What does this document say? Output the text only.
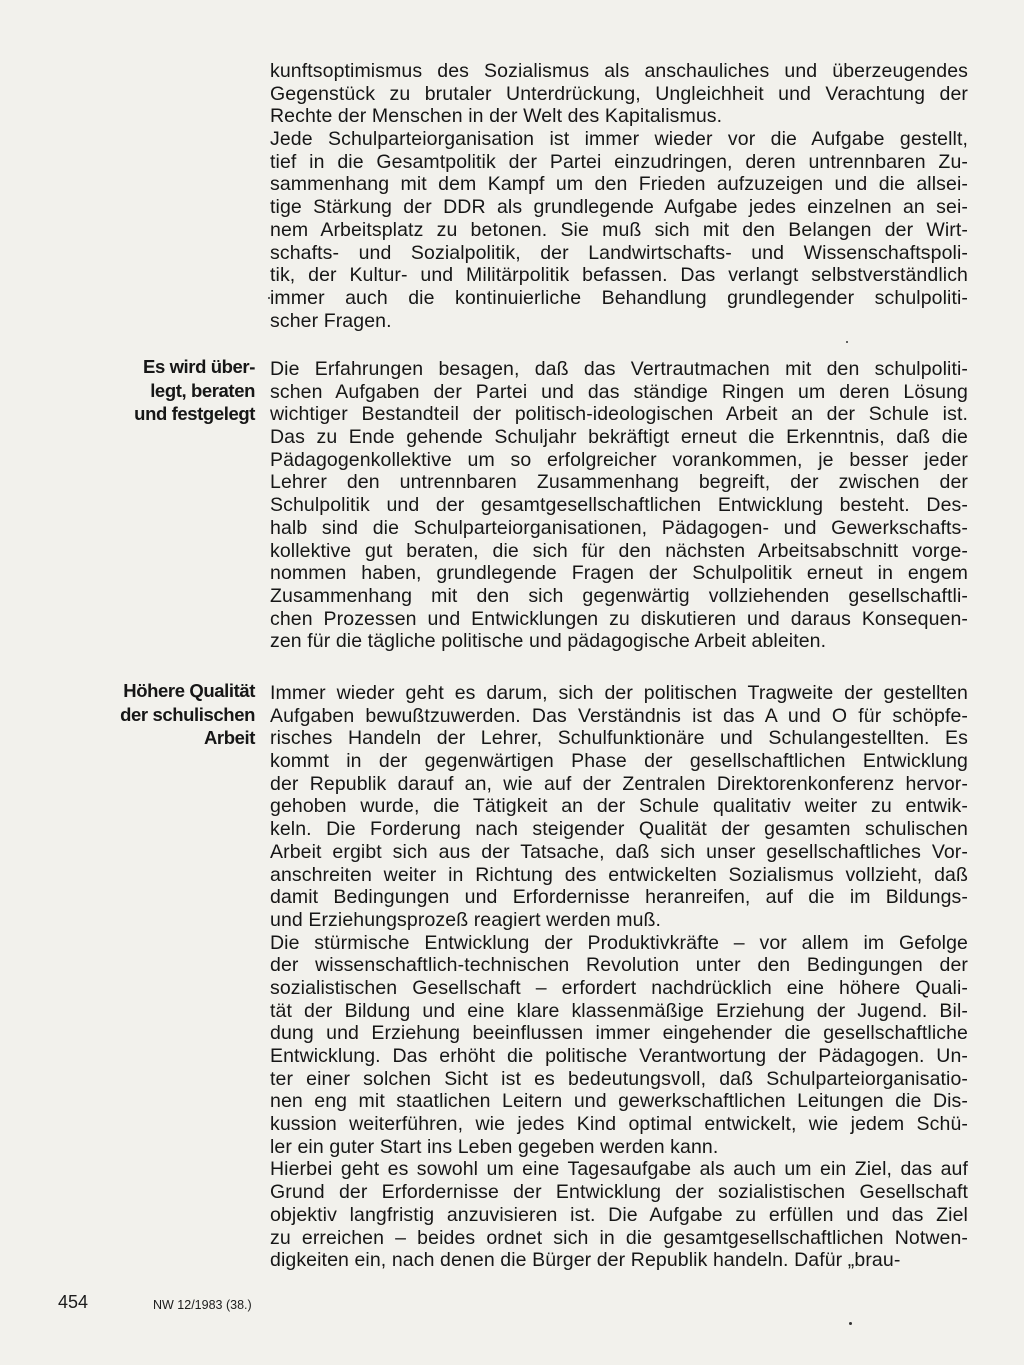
kunftsoptimismus des Sozialismus als anschauliches und überzeugendes
Gegenstück zu brutaler Unterdrückung, Ungleichheit und Verachtung der
Rechte der Menschen in der Welt des Kapitalismus.
Jede Schulparteiorganisation ist immer wieder vor die Aufgabe gestellt,
tief in die Gesamtpolitik der Partei einzudringen, deren untrennbaren Zu-
sammenhang mit dem Kampf um den Frieden aufzuzeigen und die allsei-
tige Stärkung der DDR als grundlegende Aufgabe jedes einzelnen an sei-
nem Arbeitsplatz zu betonen. Sie muß sich mit den Belangen der Wirt-
schafts- und Sozialpolitik, der Landwirtschafts- und Wissenschaftspoli-
tik, der Kultur- und Militärpolitik befassen. Das verlangt selbstverständlich
immer auch die kontinuierliche Behandlung grundlegender schulpoliti-
scher Fragen.
Es wird über-
legt, beraten
und festgelegt
Die Erfahrungen besagen, daß das Vertrautmachen mit den schulpoliti-
schen Aufgaben der Partei und das ständige Ringen um deren Lösung
wichtiger Bestandteil der politisch-ideologischen Arbeit an der Schule ist.
Das zu Ende gehende Schuljahr bekräftigt erneut die Erkenntnis, daß die
Pädagogenkollektive um so erfolgreicher vorankommen, je besser jeder
Lehrer den untrennbaren Zusammenhang begreift, der zwischen der
Schulpolitik und der gesamtgesellschaftlichen Entwicklung besteht. Des-
halb sind die Schulparteiorganisationen, Pädagogen- und Gewerkschafts-
kollektive gut beraten, die sich für den nächsten Arbeitsabschnitt vorge-
nommen haben, grundlegende Fragen der Schulpolitik erneut in engem
Zusammenhang mit den sich gegenwärtig vollziehenden gesellschaftli-
chen Prozessen und Entwicklungen zu diskutieren und daraus Konsequen-
zen für die tägliche politische und pädagogische Arbeit ableiten.
Höhere Qualität
der schulischen
Arbeit
Immer wieder geht es darum, sich der politischen Tragweite der gestellten
Aufgaben bewußtzuwerden. Das Verständnis ist das A und O für schöpfe-
risches Handeln der Lehrer, Schulfunktionäre und Schulangestellten. Es
kommt in der gegenwärtigen Phase der gesellschaftlichen Entwicklung
der Republik darauf an, wie auf der Zentralen Direktorenkonferenz hervor-
gehoben wurde, die Tätigkeit an der Schule qualitativ weiter zu entwik-
keln. Die Forderung nach steigender Qualität der gesamten schulischen
Arbeit ergibt sich aus der Tatsache, daß sich unser gesellschaftliches Vor-
anschreiten weiter in Richtung des entwickelten Sozialismus vollzieht, daß
damit Bedingungen und Erfordernisse heranreifen, auf die im Bildungs-
und Erziehungsprozeß reagiert werden muß.
Die stürmische Entwicklung der Produktivkräfte – vor allem im Gefolge
der wissenschaftlich-technischen Revolution unter den Bedingungen der
sozialistischen Gesellschaft – erfordert nachdrücklich eine höhere Quali-
tät der Bildung und eine klare klassenmäßige Erziehung der Jugend. Bil-
dung und Erziehung beeinflussen immer eingehender die gesellschaftliche
Entwicklung. Das erhöht die politische Verantwortung der Pädagogen. Un-
ter einer solchen Sicht ist es bedeutungsvoll, daß Schulparteiorganisatio-
nen eng mit staatlichen Leitern und gewerkschaftlichen Leitungen die Dis-
kussion weiterführen, wie jedes Kind optimal entwickelt, wie jedem Schü-
ler ein guter Start ins Leben gegeben werden kann.
Hierbei geht es sowohl um eine Tagesaufgabe als auch um ein Ziel, das auf
Grund der Erfordernisse der Entwicklung der sozialistischen Gesellschaft
objektiv langfristig anzuvisieren ist. Die Aufgabe zu erfüllen und das Ziel
zu erreichen – beides ordnet sich in die gesamtgesellschaftlichen Notwen-
digkeiten ein, nach denen die Bürger der Republik handeln. Dafür „brau-
454	NW 12/1983 (38.)
